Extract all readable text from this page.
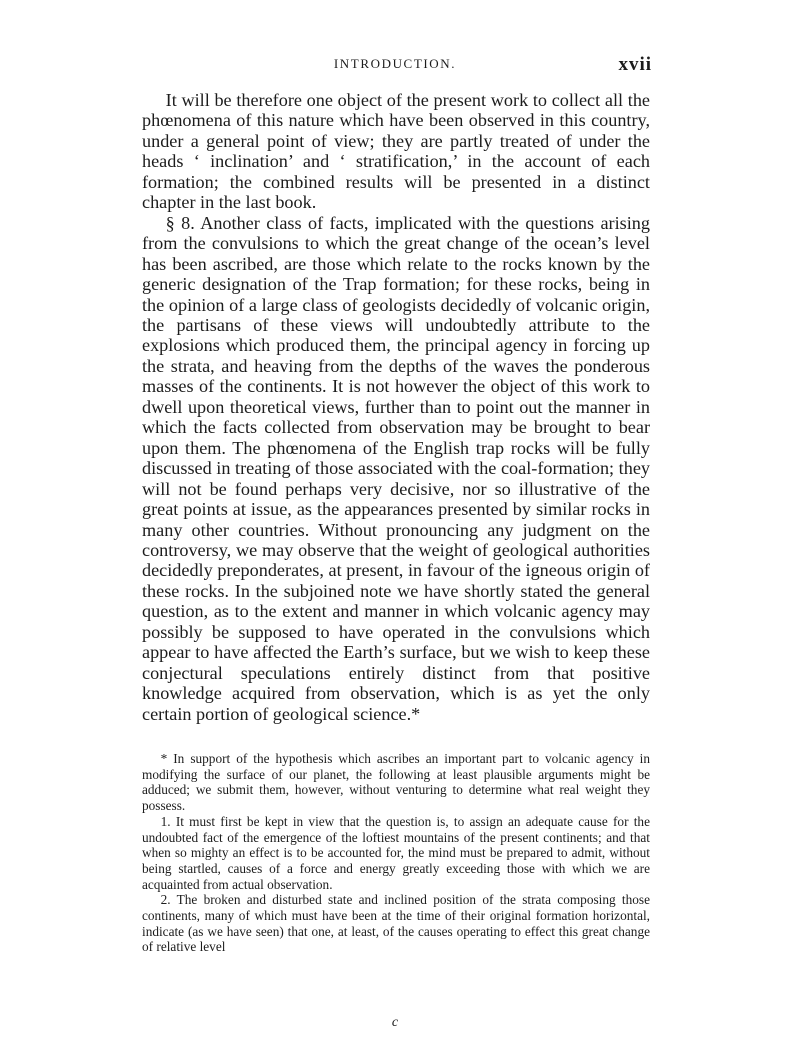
INTRODUCTION.	xvii

It will be therefore one object of the present work to collect all the phœnomena of this nature which have been observed in this country, under a general point of view; they are partly treated of under the heads ‘ inclination’ and ‘ stratification,’ in the account of each formation; the combined results will be presented in a distinct chapter in the last book.

§ 8. Another class of facts, implicated with the questions arising from the convulsions to which the great change of the ocean’s level has been ascribed, are those which relate to the rocks known by the generic designation of the Trap formation; for these rocks, being in the opinion of a large class of geologists decidedly of volcanic origin, the partisans of these views will undoubtedly attribute to the explosions which produced them, the principal agency in forcing up the strata, and heaving from the depths of the waves the ponderous masses of the continents. It is not however the object of this work to dwell upon theoretical views, further than to point out the manner in which the facts collected from observation may be brought to bear upon them. The phœnomena of the English trap rocks will be fully discussed in treating of those associated with the coal-formation; they will not be found perhaps very decisive, nor so illustrative of the great points at issue, as the appearances presented by similar rocks in many other countries. Without pronouncing any judgment on the controversy, we may observe that the weight of geological authorities decidedly preponderates, at present, in favour of the igneous origin of these rocks. In the subjoined note we have shortly stated the general question, as to the extent and manner in which volcanic agency may possibly be supposed to have operated in the convulsions which appear to have affected the Earth’s surface, but we wish to keep these conjectural speculations entirely distinct from that positive knowledge acquired from observation, which is as yet the only certain portion of geological science.*

* In support of the hypothesis which ascribes an important part to volcanic agency in modifying the surface of our planet, the following at least plausible arguments might be adduced; we submit them, however, without venturing to determine what real weight they possess.

1. It must first be kept in view that the question is, to assign an adequate cause for the undoubted fact of the emergence of the loftiest mountains of the present continents; and that when so mighty an effect is to be accounted for, the mind must be prepared to admit, without being startled, causes of a force and energy greatly exceeding those with which we are acquainted from actual observation.

2. The broken and disturbed state and inclined position of the strata composing those continents, many of which must have been at the time of their original formation horizontal, indicate (as we have seen) that one, at least, of the causes operating to effect this great change of relative level

c
